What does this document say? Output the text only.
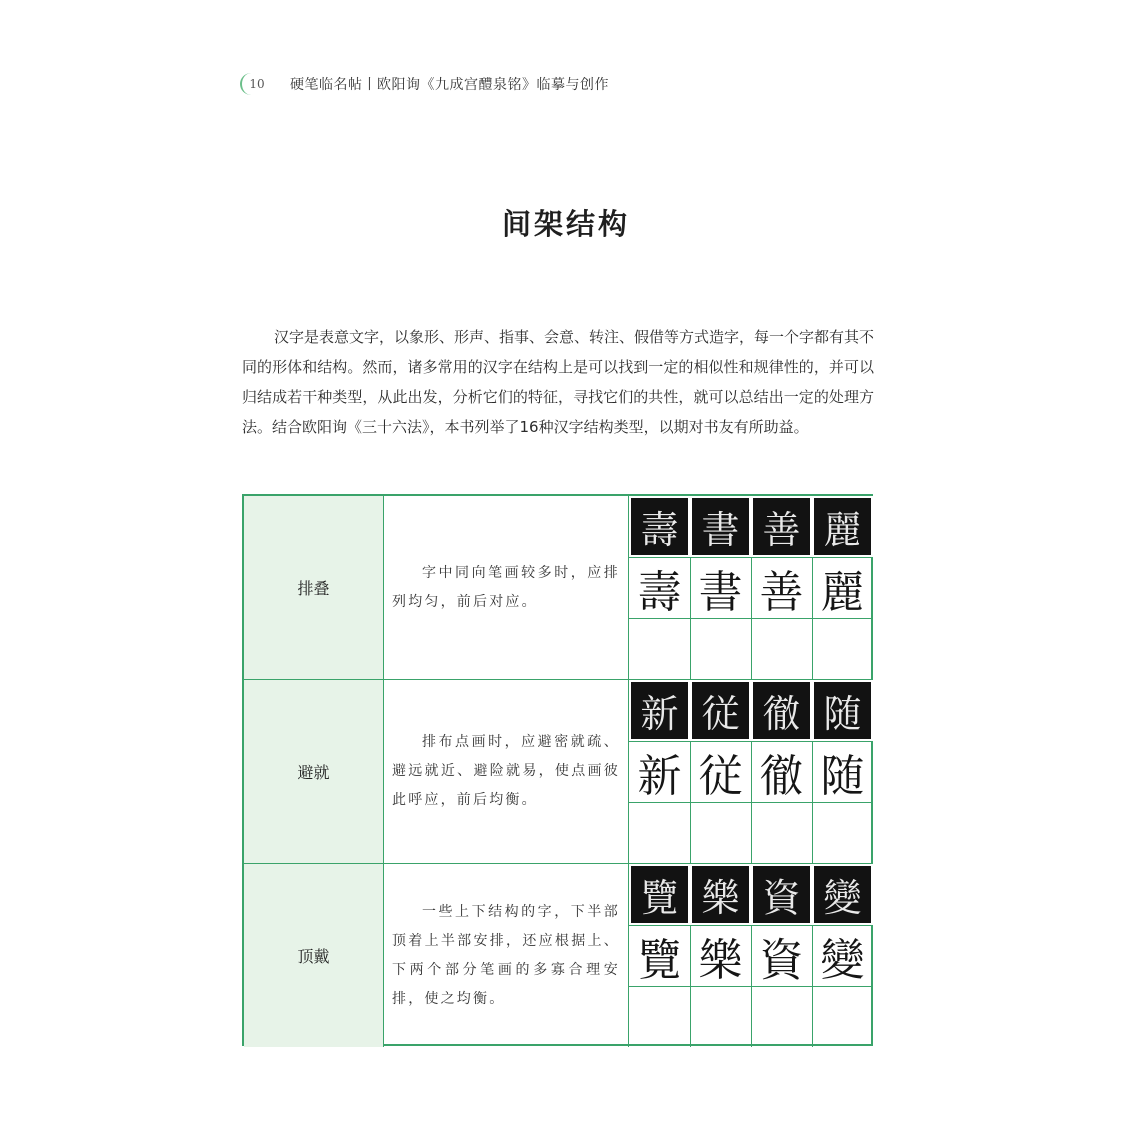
10	硬笔临名帖丨欧阳询《九成宫醴泉铭》临摹与创作
间架结构

汉字是表意文字，以象形、形声、指事、会意、转注、假借等方式造字，每一个字都有其不同的形体和结构。然而，诸多常用的汉字在结构上是可以找到一定的相似性和规律性的，并可以归结成若干种类型，从此出发，分析它们的特征，寻找它们的共性，就可以总结出一定的处理方法。结合欧阳询《三十六法》，本书列举了16种汉字结构类型，以期对书友有所助益。

排叠

字中同向笔画较多时，应排列均匀，前后对应。

壽 書 善 麗
壽 書 善 麗
避就

排布点画时，应避密就疏、避远就近、避险就易，使点画彼此呼应，前后均衡。

新 従 徹 随
新 従 徹 随
顶戴

一些上下结构的字，下半部顶着上半部安排，还应根据上、下两个部分笔画的多寡合理安排，使之均衡。

覽 樂 資 變
覽 樂 資 變
